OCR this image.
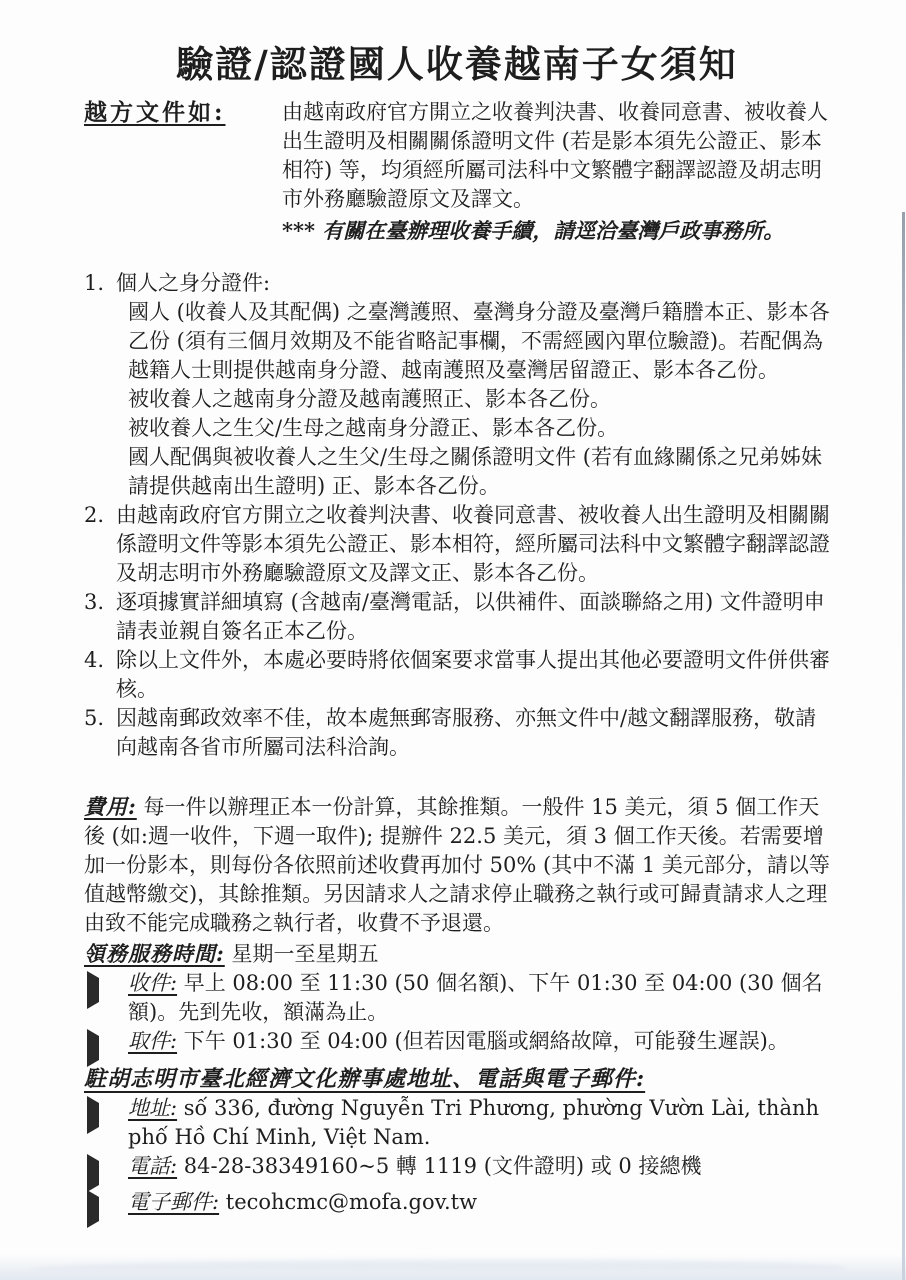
驗證/認證國人收養越南子女須知
越方文件如:	由越南政府官方開立之收養判決書、收養同意書、被收養人出生證明及相關關係證明文件 (若是影本須先公證正、影本相符) 等，均須經所屬司法科中文繁體字翻譯認證及胡志明市外務廳驗證原文及譯文。
*** 有關在臺辦理收養手續，請逕洽臺灣戶政事務所。
1. 個人之身分證件:
國人 (收養人及其配偶) 之臺灣護照、臺灣身分證及臺灣戶籍謄本正、影本各乙份 (須有三個月效期及不能省略記事欄，不需經國內單位驗證)。若配偶為越籍人士則提供越南身分證、越南護照及臺灣居留證正、影本各乙份。
被收養人之越南身分證及越南護照正、影本各乙份。
被收養人之生父/生母之越南身分證正、影本各乙份。
國人配偶與被收養人之生父/生母之關係證明文件 (若有血緣關係之兄弟姊妹請提供越南出生證明) 正、影本各乙份。
2. 由越南政府官方開立之收養判決書、收養同意書、被收養人出生證明及相關關係證明文件等影本須先公證正、影本相符，經所屬司法科中文繁體字翻譯認證及胡志明市外務廳驗證原文及譯文正、影本各乙份。
3. 逐項據實詳細填寫 (含越南/臺灣電話，以供補件、面談聯絡之用) 文件證明申請表並親自簽名正本乙份。
4. 除以上文件外，本處必要時將依個案要求當事人提出其他必要證明文件併供審核。
5. 因越南郵政效率不佳，故本處無郵寄服務、亦無文件中/越文翻譯服務，敬請向越南各省市所屬司法科洽詢。
費用: 每一件以辦理正本一份計算，其餘推類。一般件 15 美元，須 5 個工作天後 (如:週一收件，下週一取件); 提辦件 22.5 美元，須 3 個工作天後。若需要增加一份影本，則每份各依照前述收費再加付 50% (其中不滿 1 美元部分，請以等值越幣繳交)，其餘推類。另因請求人之請求停止職務之執行或可歸責請求人之理由致不能完成職務之執行者，收費不予退還。
領務服務時間: 星期一至星期五
收件: 早上 08:00 至 11:30 (50 個名額)、下午 01:30 至 04:00 (30 個名額)。先到先收，額滿為止。
取件: 下午 01:30 至 04:00 (但若因電腦或網絡故障，可能發生遲誤)。
駐胡志明市臺北經濟文化辦事處地址、電話與電子郵件:
地址: số 336, đường Nguyễn Tri Phương, phường Vườn Lài, thành phố Hồ Chí Minh, Việt Nam.
電話: 84-28-38349160~5 轉 1119 (文件證明) 或 0 接總機
電子郵件: tecohcmc@mofa.gov.tw
